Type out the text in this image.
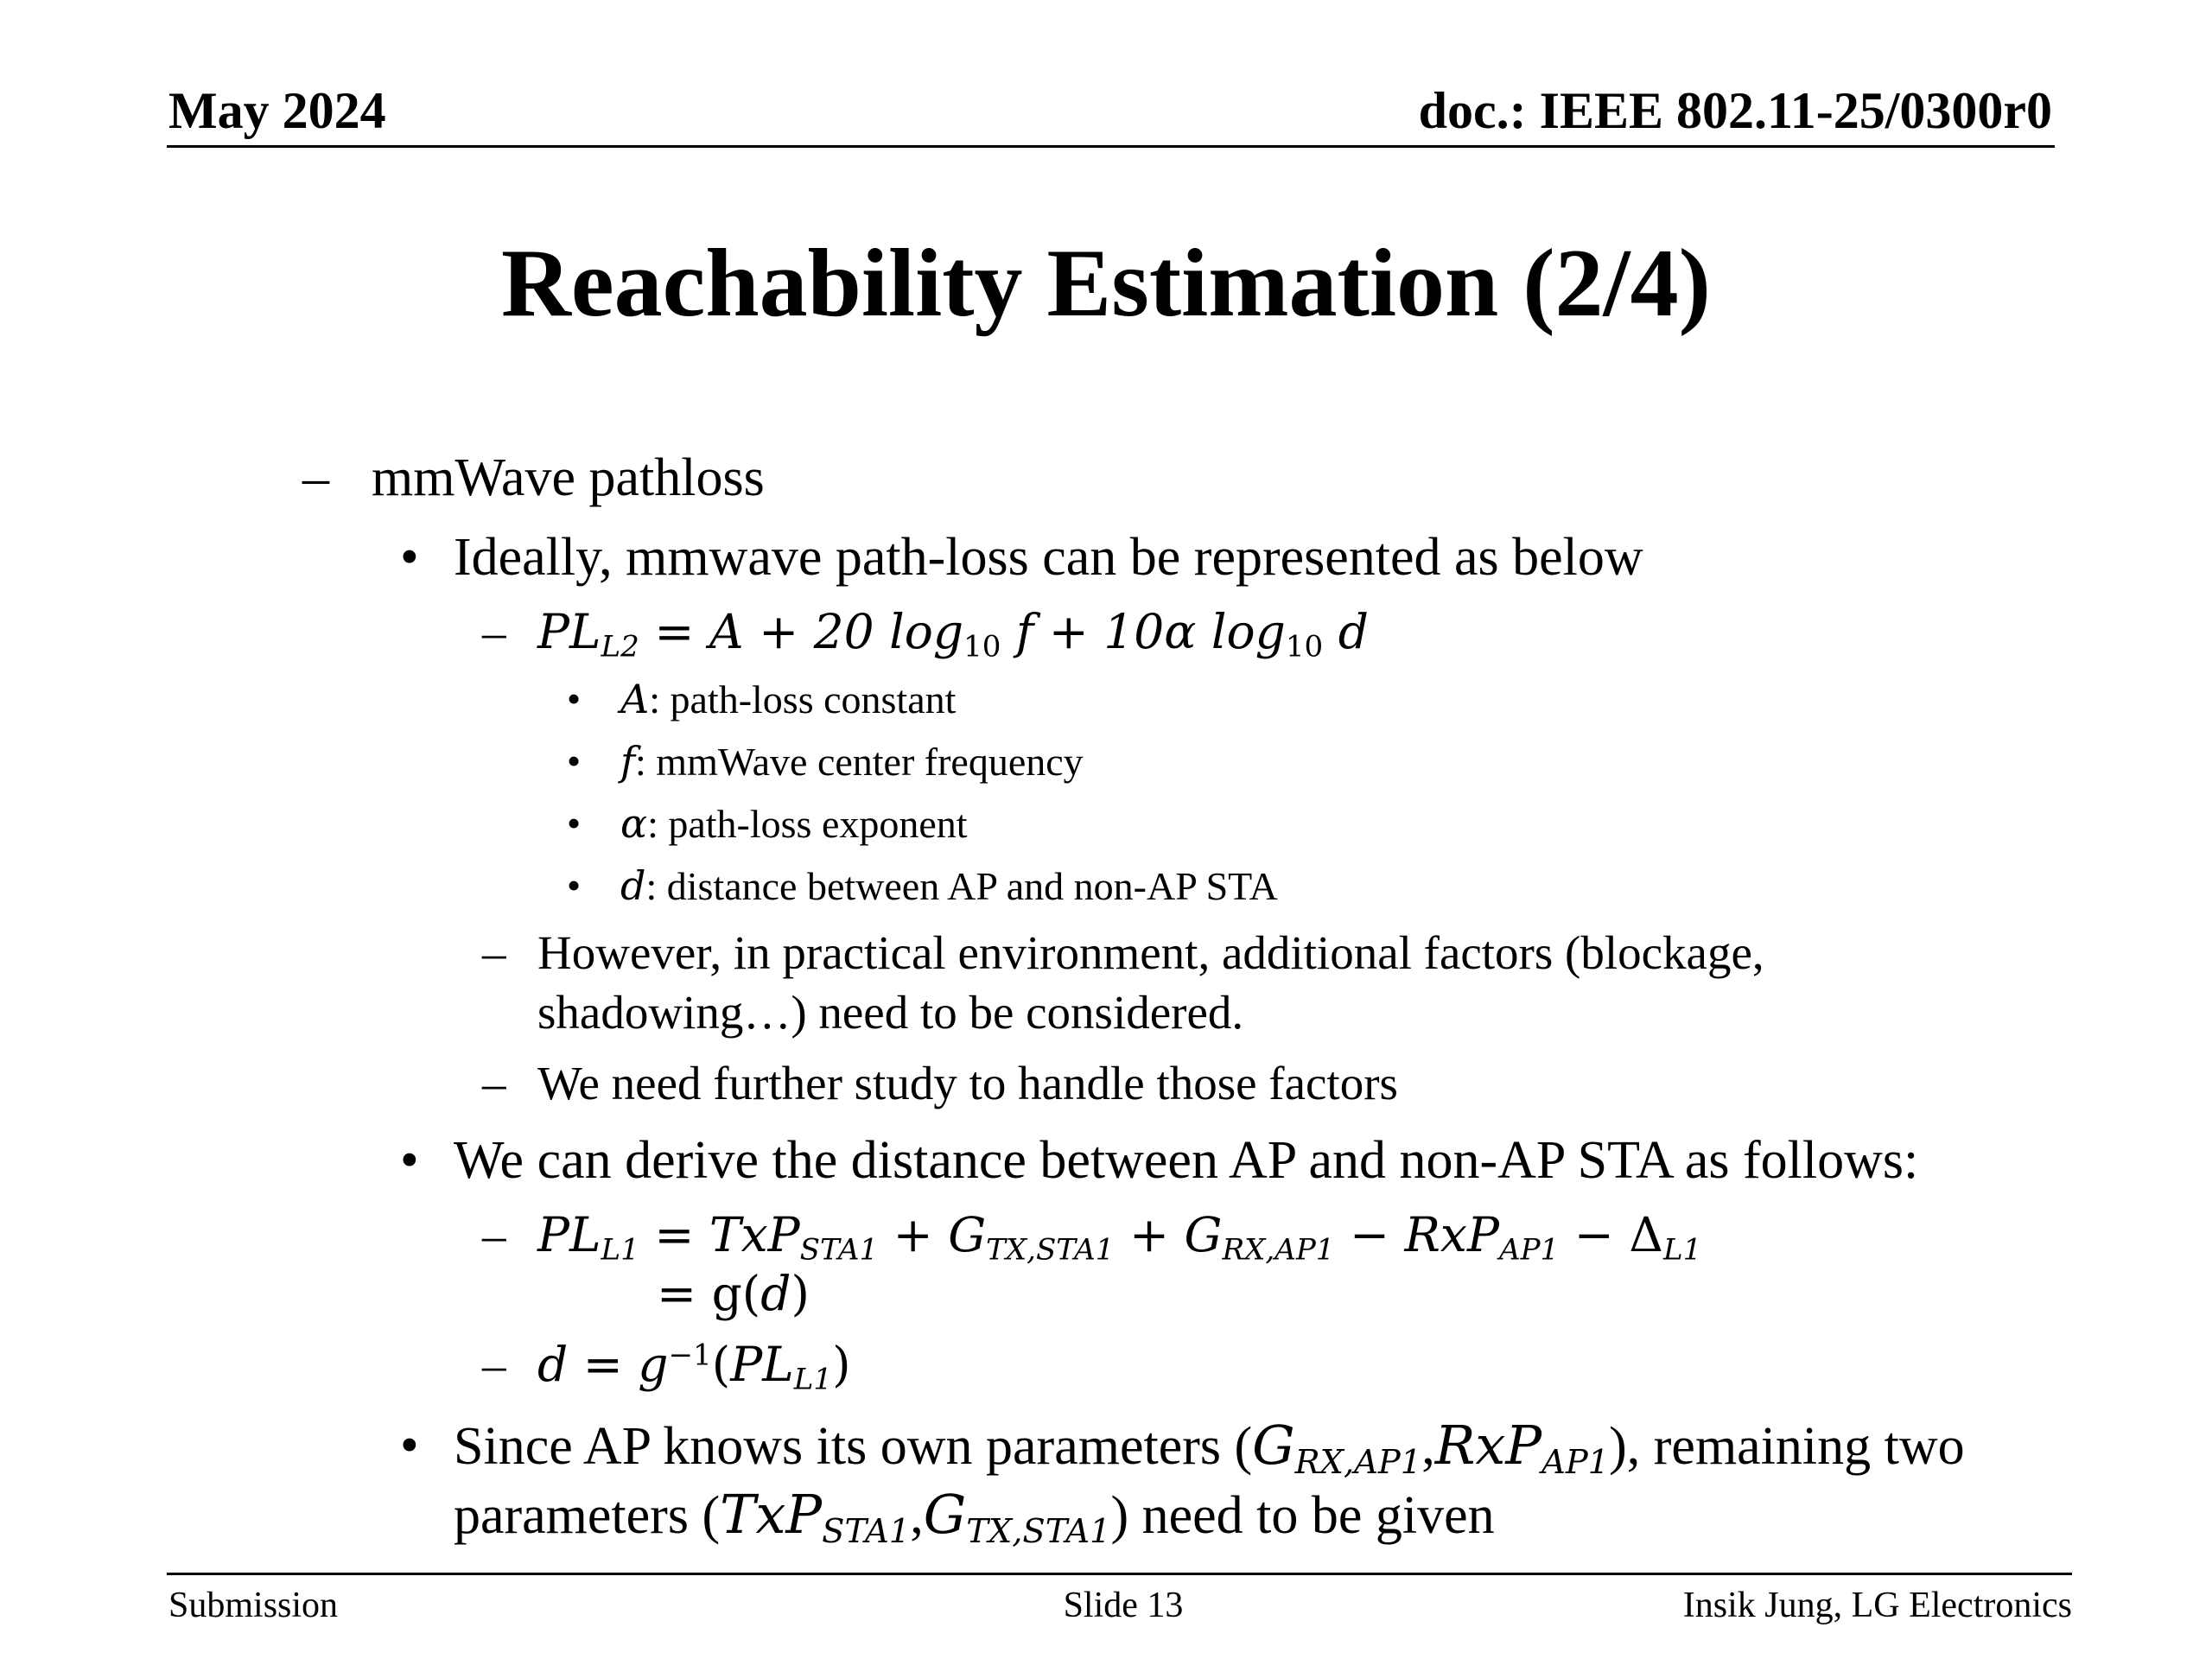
May 2024	doc.: IEEE 802.11-25/0300r0
Reachability Estimation (2/4)
– mmWave pathloss
• Ideally, mmwave path-loss can be represented as below
– $PL_{L2} = A + 20$ $\log_{10} f + 10\alpha$ $\log_{10} d$
• A: path-loss constant
• f: mmWave center frequency
• α: path-loss exponent
• d: distance between AP and non-AP STA
– However, in practical environment, additional factors (blockage,
shadowing…) need to be considered.
– We need further study to handle those factors
• We can derive the distance between AP and non-AP STA as follows:
– $PL_{L1} = TxP_{STA1} + G_{TX,STA1} + G_{RX,AP1} - RxP_{AP1} - \Delta_{L1}$
= g(d)
– $d = g^{-1}(PL_{L1})$
• Since AP knows its own parameters $(G_{RX,AP1},RxP_{AP1})$, remaining two
parameters $(TxP_{STA1},G_{TX,STA1})$ need to be given
Submission	Slide 13	Insik Jung, LG Electronics
